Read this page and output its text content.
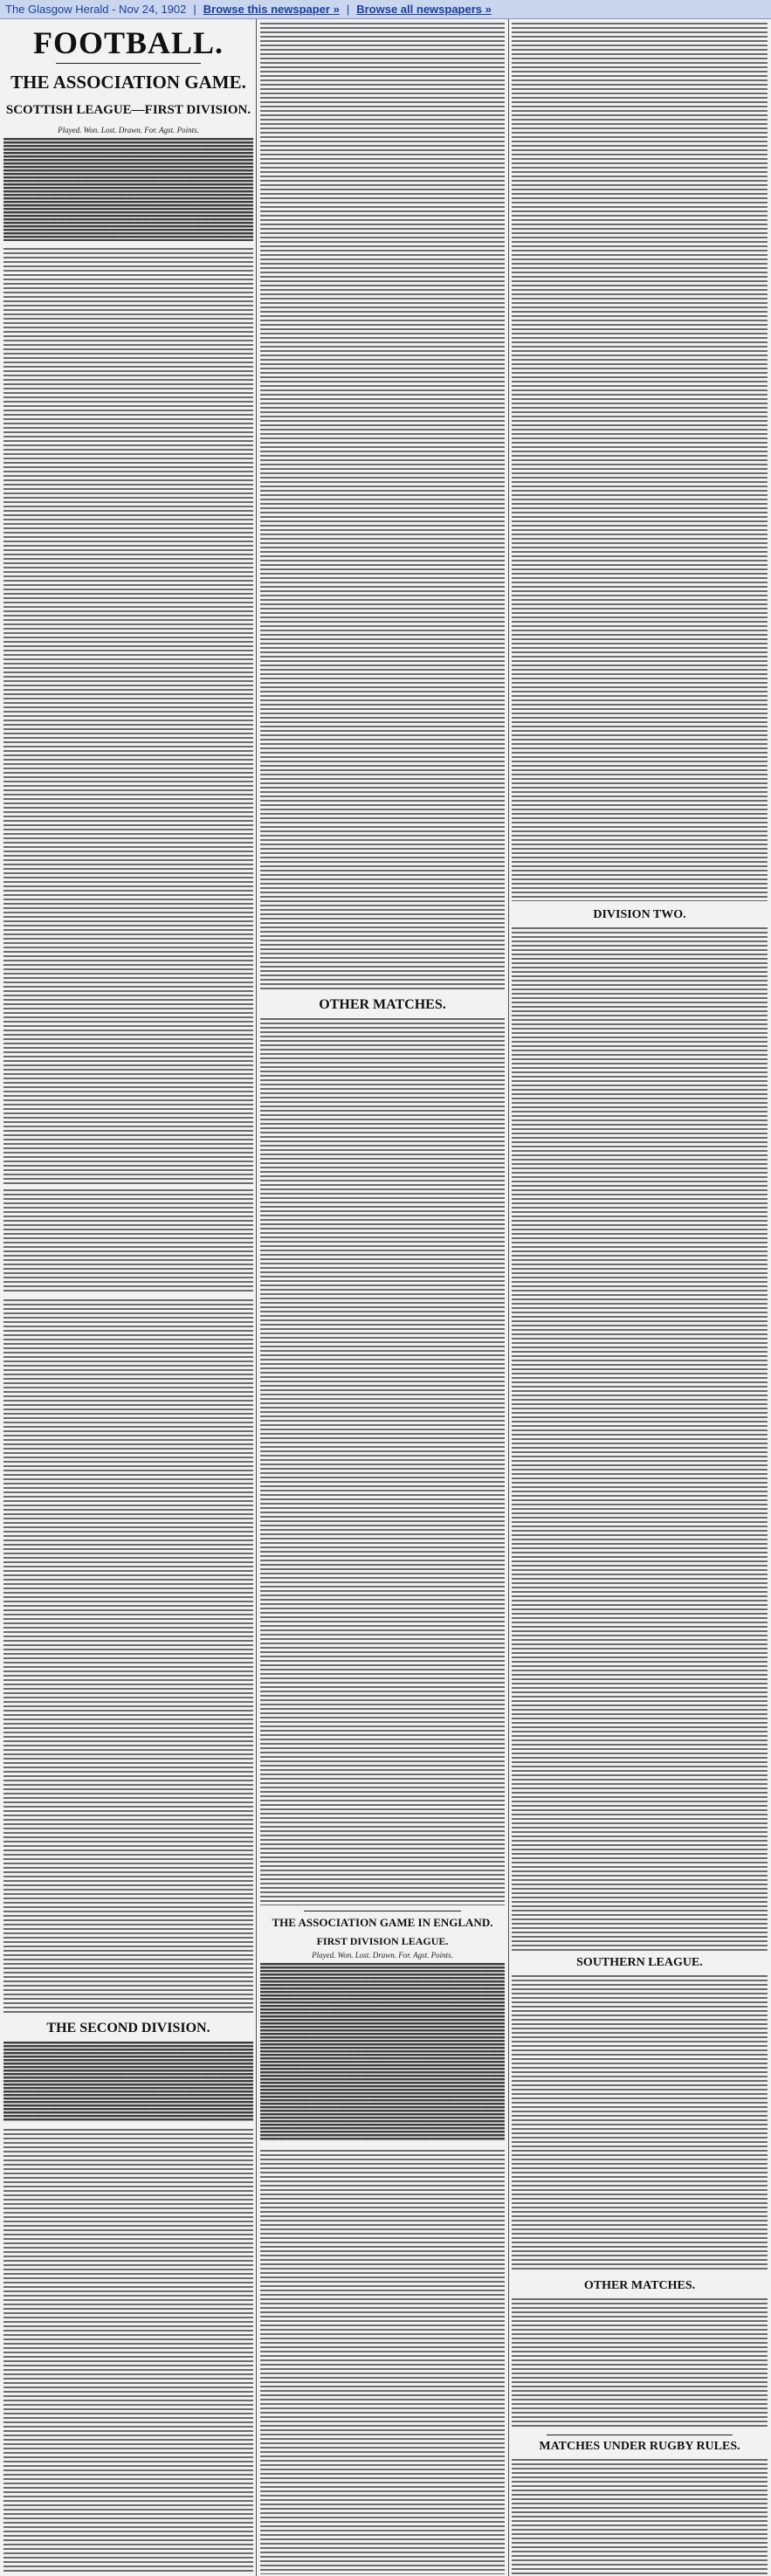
The Glasgow Herald - Nov 24, 1902 | Browse this newspaper » | Browse all newspapers »
FOOTBALL.
THE ASSOCIATION GAME.
SCOTTISH LEAGUE—FIRST DIVISION.
Played. Won. Lost. Drawn. For. Agst. Points.
THE SECOND DIVISION.
OTHER MATCHES.
THE ASSOCIATION GAME IN ENGLAND.
FIRST DIVISION LEAGUE.
Played. Won. Lost. Drawn. For. Agst. Points.
DIVISION TWO.
SOUTHERN LEAGUE.
OTHER MATCHES.
MATCHES UNDER RUGBY RULES.
